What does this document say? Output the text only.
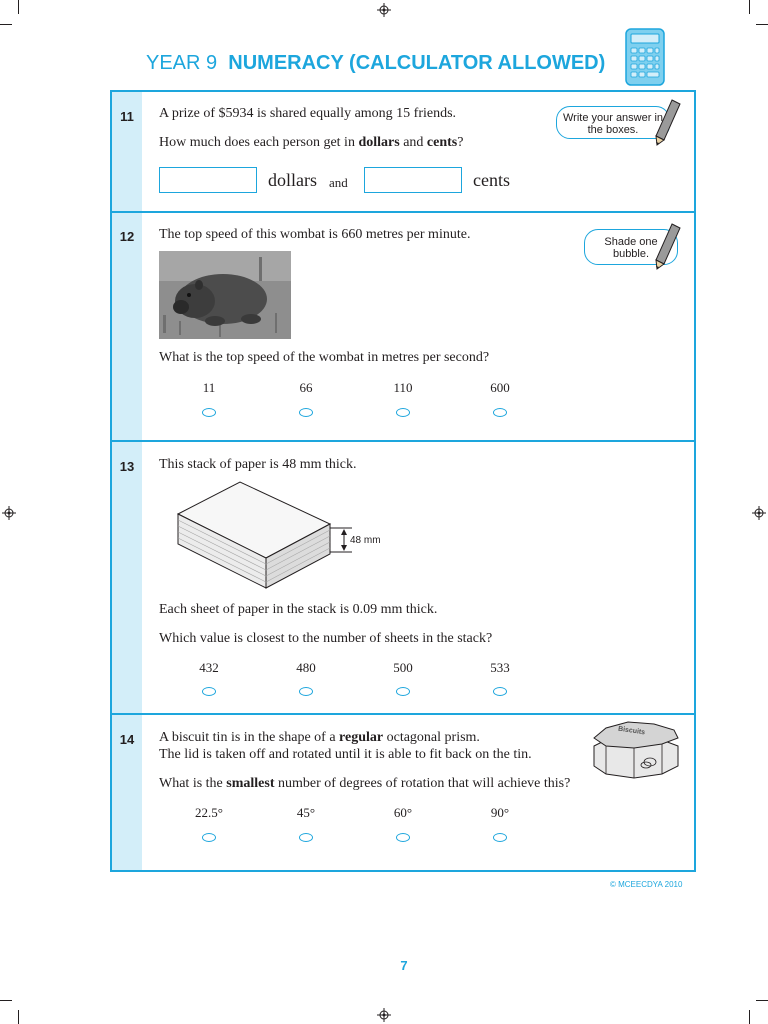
YEAR 9 NUMERACY (CALCULATOR ALLOWED)
11	A prize of $5934 is shared equally among 15 friends.
How much does each person get in dollars and cents?
dollars and	cents
Write your answer in the boxes.
12	The top speed of this wombat is 660 metres per minute.
What is the top speed of the wombat in metres per second?
Shade one bubble.
11	66	110	600
13	This stack of paper is 48 mm thick.
48 mm
Each sheet of paper in the stack is 0.09 mm thick.
Which value is closest to the number of sheets in the stack?
432	480	500	533
14	A biscuit tin is in the shape of a regular octagonal prism.
The lid is taken off and rotated until it is able to fit back on the tin.
What is the smallest number of degrees of rotation that will achieve this?
Biscuits
22.5°	45°	60°	90°
© MCEECDYA 2010
7
